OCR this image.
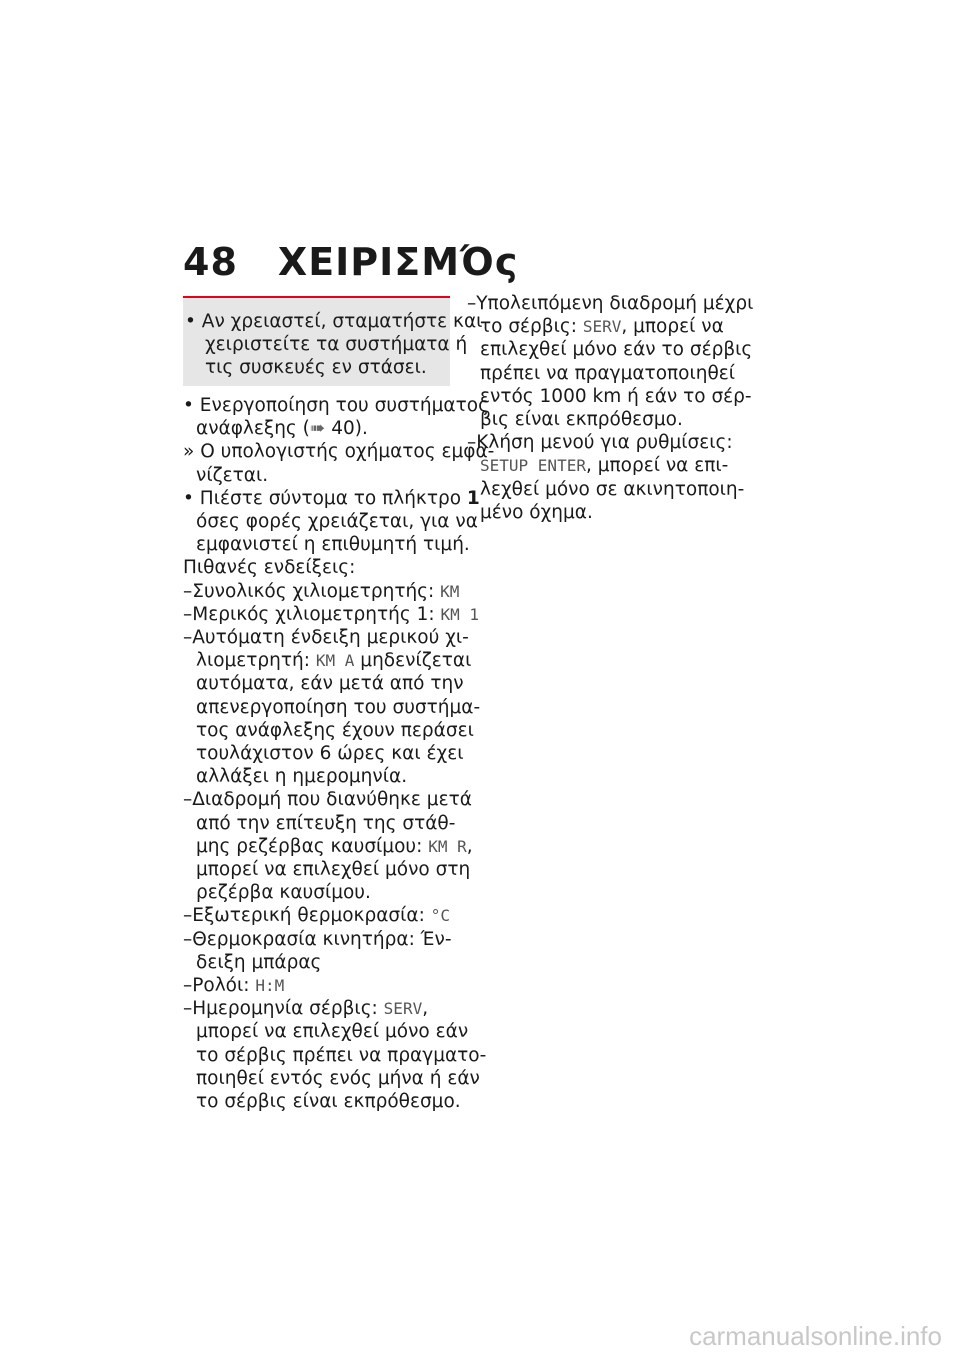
48 ΧΕΙΡΙΣΜΌς
• Αν χρειαστεί, σταματήστε και
χειριστείτε τα συστήματα ή
τις συσκευές εν στάσει.
• Ενεργοποίηση του συστήματος
ανάφλεξης (➠ 40).
» Ο υπολογιστής οχήματος εμφα-
νίζεται.
• Πιέστε σύντομα το πλήκτρο 1
όσες φορές χρειάζεται, για να
εμφανιστεί η επιθυμητή τιμή.
Πιθανές ενδείξεις:
–Συνολικός χιλιομετρητής: KM
–Μερικός χιλιομετρητής 1: KM 1
–Αυτόματη ένδειξη μερικού χι-
λιομετρητή: KM A μηδενίζεται
αυτόματα, εάν μετά από την
απενεργοποίηση του συστήμα-
τος ανάφλεξης έχουν περάσει
τουλάχιστον 6 ώρες και έχει
αλλάξει η ημερομηνία.
–Διαδρομή που διανύθηκε μετά
από την επίτευξη της στάθ-
μης ρεζέρβας καυσίμου: KM R,
μπορεί να επιλεχθεί μόνο στη
ρεζέρβα καυσίμου.
–Εξωτερική θερμοκρασία: °C
–Θερμοκρασία κινητήρα: Έν-
δειξη μπάρας
–Ρολόι: H:M
–Ημερομηνία σέρβις: SERV,
μπορεί να επιλεχθεί μόνο εάν
το σέρβις πρέπει να πραγματο-
ποιηθεί εντός ενός μήνα ή εάν
το σέρβις είναι εκπρόθεσμο.
–Υπολειπόμενη διαδρομή μέχρι
το σέρβις: SERV, μπορεί να
επιλεχθεί μόνο εάν το σέρβις
πρέπει να πραγματοποιηθεί
εντός 1000 km ή εάν το σέρ-
βις είναι εκπρόθεσμο.
–Κλήση μενού για ρυθμίσεις:
SETUP ENTER, μπορεί να επι-
λεχθεί μόνο σε ακινητοποιη-
μένο όχημα.
carmanualsonline.info
